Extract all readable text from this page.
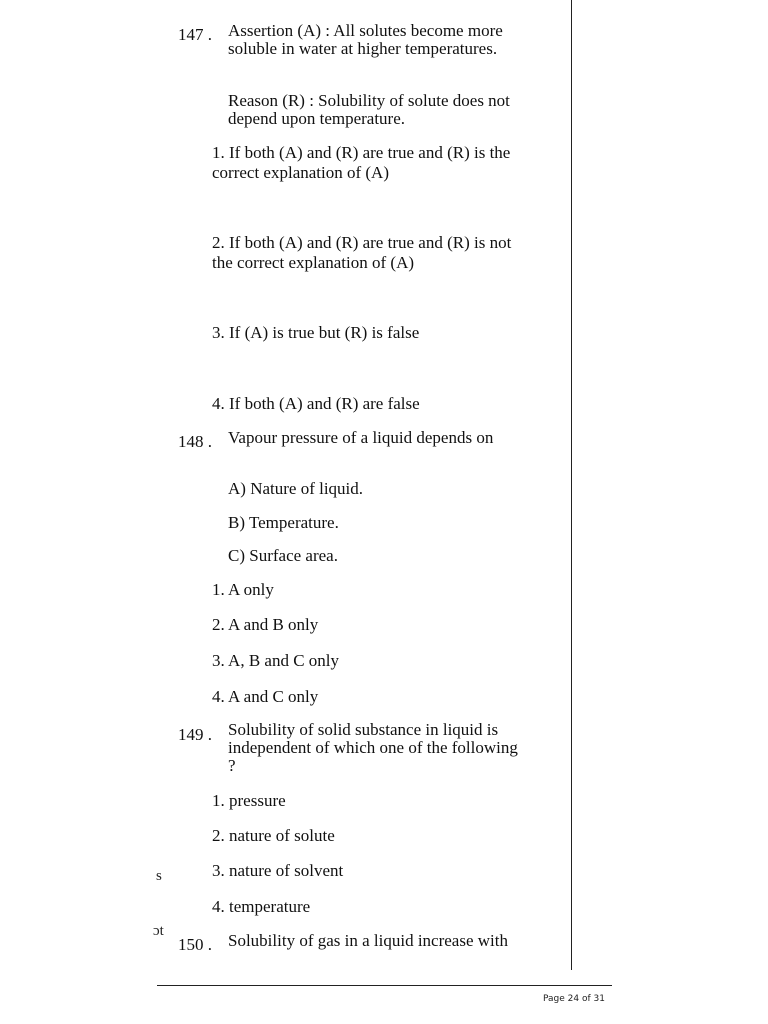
147 . Assertion (A) : All solutes become more soluble in water at higher temperatures.
Reason (R) : Solubility of solute does not depend upon temperature.
1. If both (A) and (R) are true and (R) is the correct explanation of (A)
2. If both (A) and (R) are true and (R) is not the correct explanation of (A)
3. If (A) is true but (R) is false
4. If both (A) and (R) are false
148 . Vapour pressure of a liquid depends on
A) Nature of liquid.
B) Temperature.
C) Surface area.
1. A only
2. A and B only
3. A, B and C only
4. A and C only
149 . Solubility of solid substance in liquid is independent of which one of the following ?
1. pressure
2. nature of solute
3. nature of solvent
4. temperature
150 . Solubility of gas in a liquid increase with
s
ɔt
Page 24 of 31
